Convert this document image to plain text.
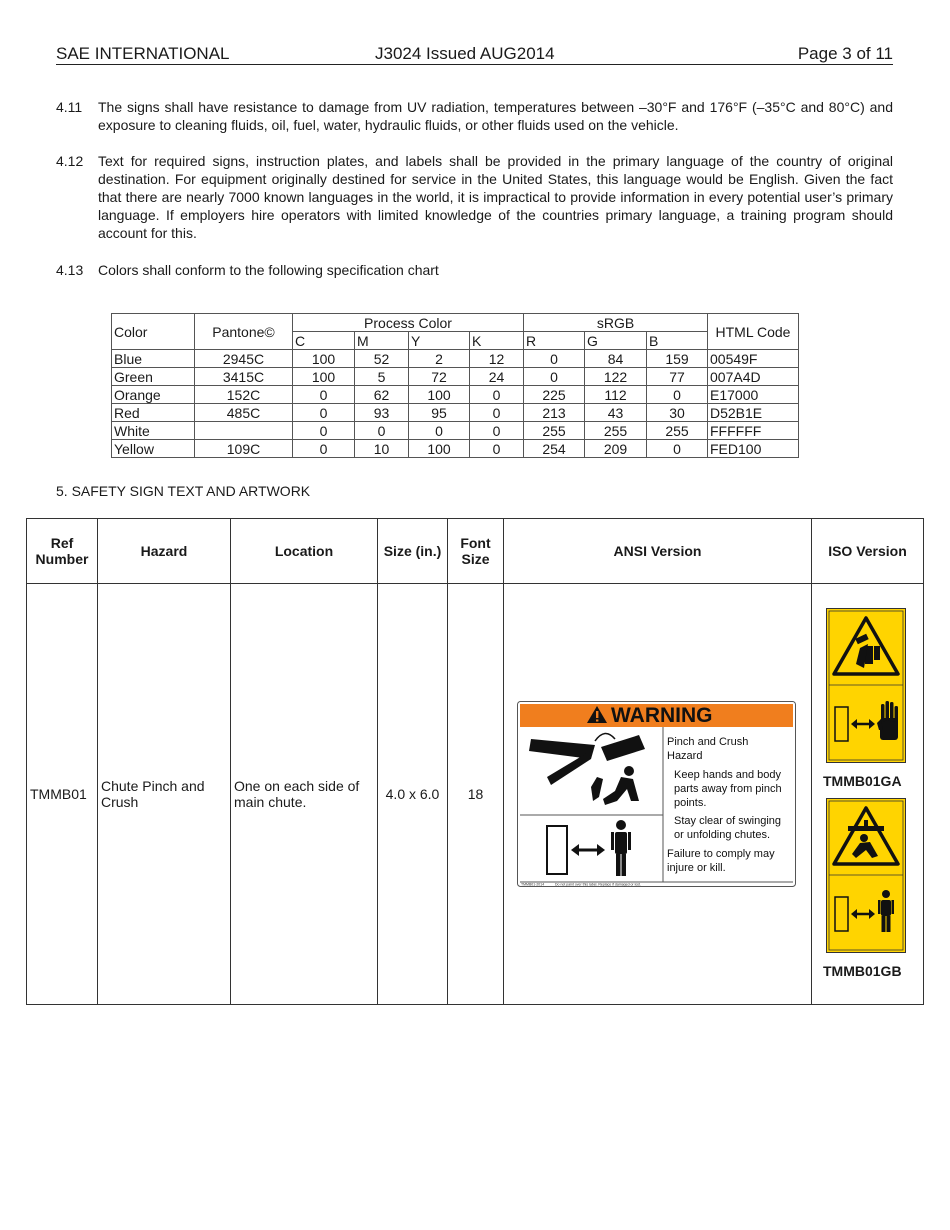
SAE INTERNATIONAL	J3024 Issued AUG2014	Page 3 of 11
4.11 The signs shall have resistance to damage from UV radiation, temperatures between –30°F and 176°F (–35°C and 80°C) and exposure to cleaning fluids, oil, fuel, water, hydraulic fluids, or other fluids used on the vehicle.
4.12 Text for required signs, instruction plates, and labels shall be provided in the primary language of the country of original destination. For equipment originally destined for service in the United States, this language would be English. Given the fact that there are nearly 7000 known languages in the world, it is impractical to provide information in every potential user’s primary language. If employers hire operators with limited knowledge of the countries primary language, a training program should account for this.
4.13 Colors shall conform to the following specification chart
Color	Pantone©	Process Color				sRGB			HTML Code
		C	M	Y	K	R	G	B	
Blue	2945C	100	52	2	12	0	84	159	00549F
Green	3415C	100	5	72	24	0	122	77	007A4D
Orange	152C	0	62	100	0	225	112	0	E17000
Red	485C	0	93	95	0	213	43	30	D52B1E
White		0	0	0	0	255	255	255	FFFFFF
Yellow	109C	0	10	100	0	254	209	0	FED100
5. SAFETY SIGN TEXT AND ARTWORK
Ref Number	Hazard	Location	Size (in.)	Font Size	ANSI Version	ISO Version
TMMB01	Chute Pinch and Crush	One on each side of main chute.	4.0 x 6.0	18		
WARNING
Pinch and Crush Hazard
Keep hands and body parts away from pinch points.
Stay clear of swinging or unfolding chutes.
Failure to comply may injure or kill.
TMMB01-2014	Do not paint over this label. Replace if damaged or lost.
TMMB01GA
TMMB01GB
